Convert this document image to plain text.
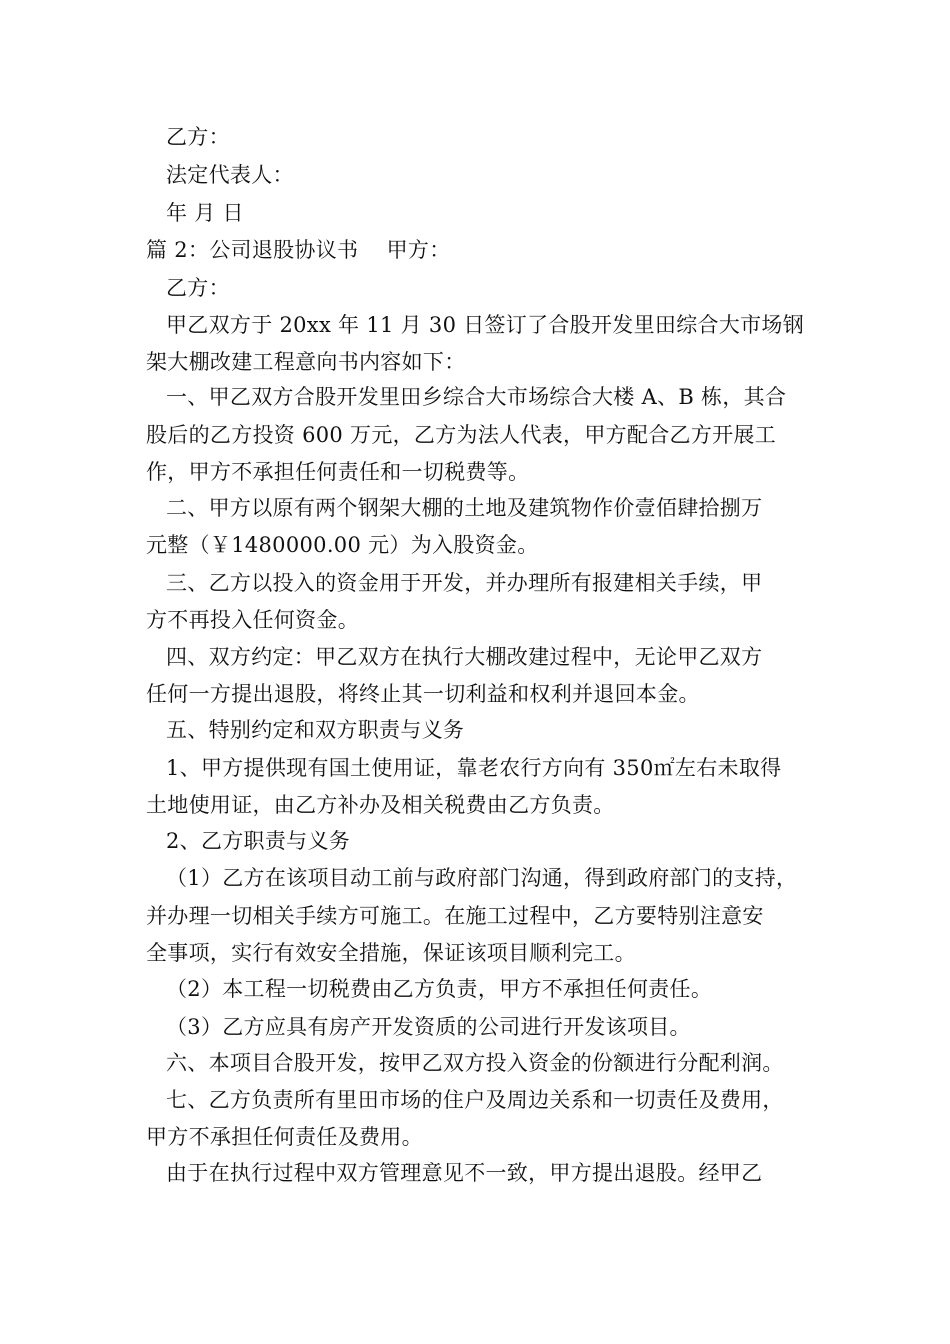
乙方：
法定代表人：
年 月 日
篇 2：公司退股协议书　 甲方：
乙方：
甲乙双方于 20xx 年 11 月 30 日签订了合股开发里田综合大市场钢
架大棚改建工程意向书内容如下：
一、甲乙双方合股开发里田乡综合大市场综合大楼 A、B 栋，其合
股后的乙方投资 600 万元，乙方为法人代表，甲方配合乙方开展工
作，甲方不承担任何责任和一切税费等。
二、甲方以原有两个钢架大棚的土地及建筑物作价壹佰肆拾捌万
元整（￥1480000.00 元）为入股资金。
三、乙方以投入的资金用于开发，并办理所有报建相关手续，甲
方不再投入任何资金。
四、双方约定：甲乙双方在执行大棚改建过程中，无论甲乙双方
任何一方提出退股，将终止其一切利益和权利并退回本金。
五、特别约定和双方职责与义务
1、甲方提供现有国土使用证，靠老农行方向有 350㎡左右未取得
土地使用证，由乙方补办及相关税费由乙方负责。
2、乙方职责与义务
（1）乙方在该项目动工前与政府部门沟通，得到政府部门的支持，
并办理一切相关手续方可施工。在施工过程中，乙方要特别注意安
全事项，实行有效安全措施，保证该项目顺利完工。
（2）本工程一切税费由乙方负责，甲方不承担任何责任。
（3）乙方应具有房产开发资质的公司进行开发该项目。
六、本项目合股开发，按甲乙双方投入资金的份额进行分配利润。
七、乙方负责所有里田市场的住户及周边关系和一切责任及费用，
甲方不承担任何责任及费用。
由于在执行过程中双方管理意见不一致，甲方提出退股。经甲乙
